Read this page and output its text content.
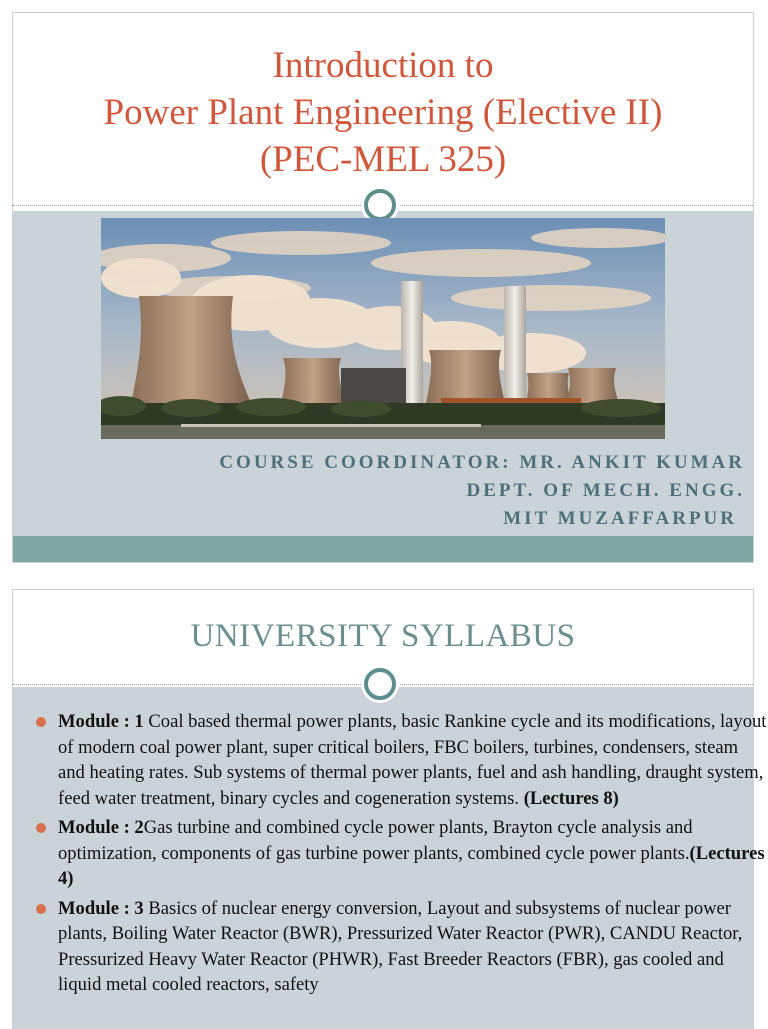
Introduction to

Power Plant Engineering (Elective II)

(PEC-MEL 325)

COURSE COORDINATOR: MR. ANKIT KUMAR
DEPT. OF MECH. ENGG.
MIT MUZAFFARPUR

UNIVERSITY SYLLABUS

Module : 1 Coal based thermal power plants, basic Rankine cycle and its modifications, layout of modern coal power plant, super critical boilers, FBC boilers, turbines, condensers, steam and heating rates. Sub systems of thermal power plants, fuel and ash handling, draught system, feed water treatment, binary cycles and cogeneration systems. (Lectures 8)
Module : 2Gas turbine and combined cycle power plants, Brayton cycle analysis and optimization, components of gas turbine power plants, combined cycle power plants.(Lectures 4)
Module : 3 Basics of nuclear energy conversion, Layout and subsystems of nuclear power plants, Boiling Water Reactor (BWR), Pressurized Water Reactor (PWR), CANDU Reactor, Pressurized Heavy Water Reactor (PHWR), Fast Breeder Reactors (FBR), gas cooled and liquid metal cooled reactors, safety
